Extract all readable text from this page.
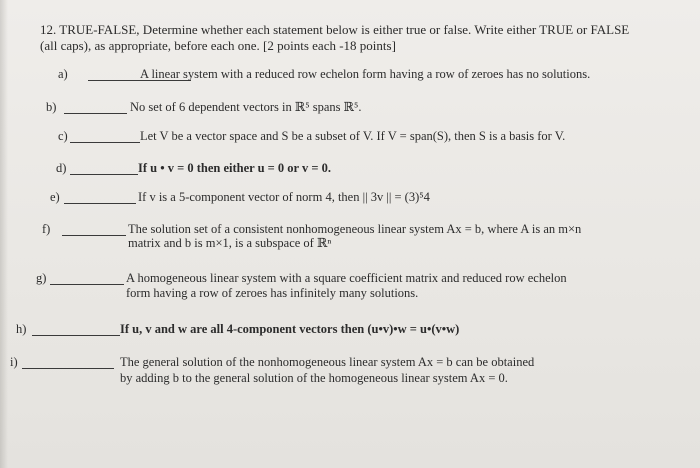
12. TRUE-FALSE, Determine whether each statement below is either true or false. Write either TRUE or FALSE
(all caps), as appropriate, before each one. [2 points each -18 points]
a)	A linear system with a reduced row echelon form having a row of zeroes has no solutions.
b)	No set of 6 dependent vectors in ℝ⁵ spans ℝ⁵.
c)	Let V be a vector space and S be a subset of V. If V = span(S), then S is a basis for V.
d)	If u • v = 0 then either u = 0 or v = 0.
e)	If v is a 5-component vector of norm 4, then || 3v || = (3)⁵4
f)	The solution set of a consistent nonhomogeneous linear system Ax = b, where A is an m×n
matrix and b is m×1, is a subspace of ℝⁿ
g)	A homogeneous linear system with a square coefficient matrix and reduced row echelon
form having a row of zeroes has infinitely many solutions.
h)	If u, v and w are all 4-component vectors then (u•v)•w = u•(v•w)
i)	The general solution of the nonhomogeneous linear system Ax = b can be obtained
by adding b to the general solution of the homogeneous linear system Ax = 0.
